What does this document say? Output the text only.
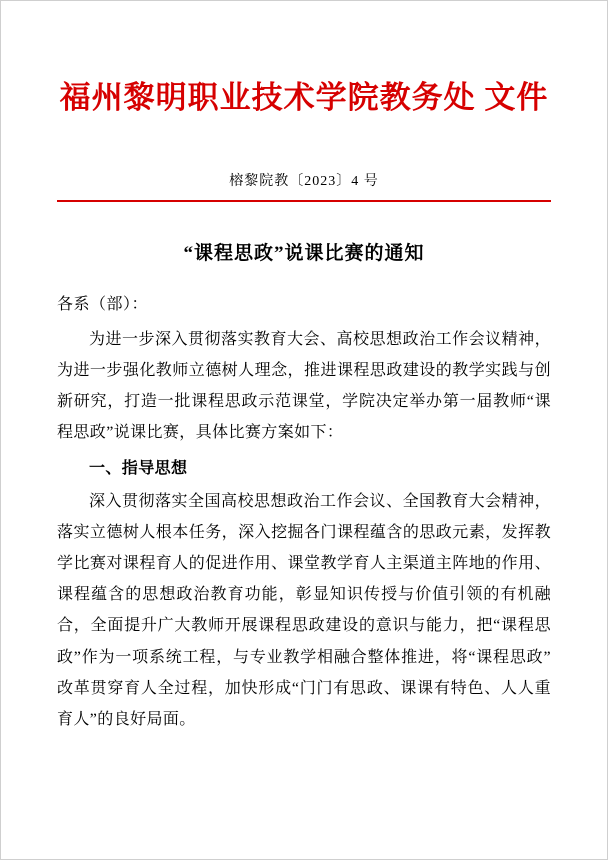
福州黎明职业技术学院教务处 文件
榕黎院教〔2023〕4 号
“课程思政”说课比赛的通知
各系（部）：

为进一步深入贯彻落实教育大会、高校思想政治工作会议精神，为进一步强化教师立德树人理念，推进课程思政建设的教学实践与创新研究，打造一批课程思政示范课堂，学院决定举办第一届教师“课程思政”说课比赛，具体比赛方案如下：

一、指导思想

深入贯彻落实全国高校思想政治工作会议、全国教育大会精神，落实立德树人根本任务，深入挖掘各门课程蕴含的思政元素，发挥教学比赛对课程育人的促进作用、课堂教学育人主渠道主阵地的作用、课程蕴含的思想政治教育功能，彰显知识传授与价值引领的有机融合，全面提升广大教师开展课程思政建设的意识与能力，把“课程思政”作为一项系统工程，与专业教学相融合整体推进，将“课程思政”改革贯穿育人全过程，加快形成“门门有思政、课课有特色、人人重育人”的良好局面。
